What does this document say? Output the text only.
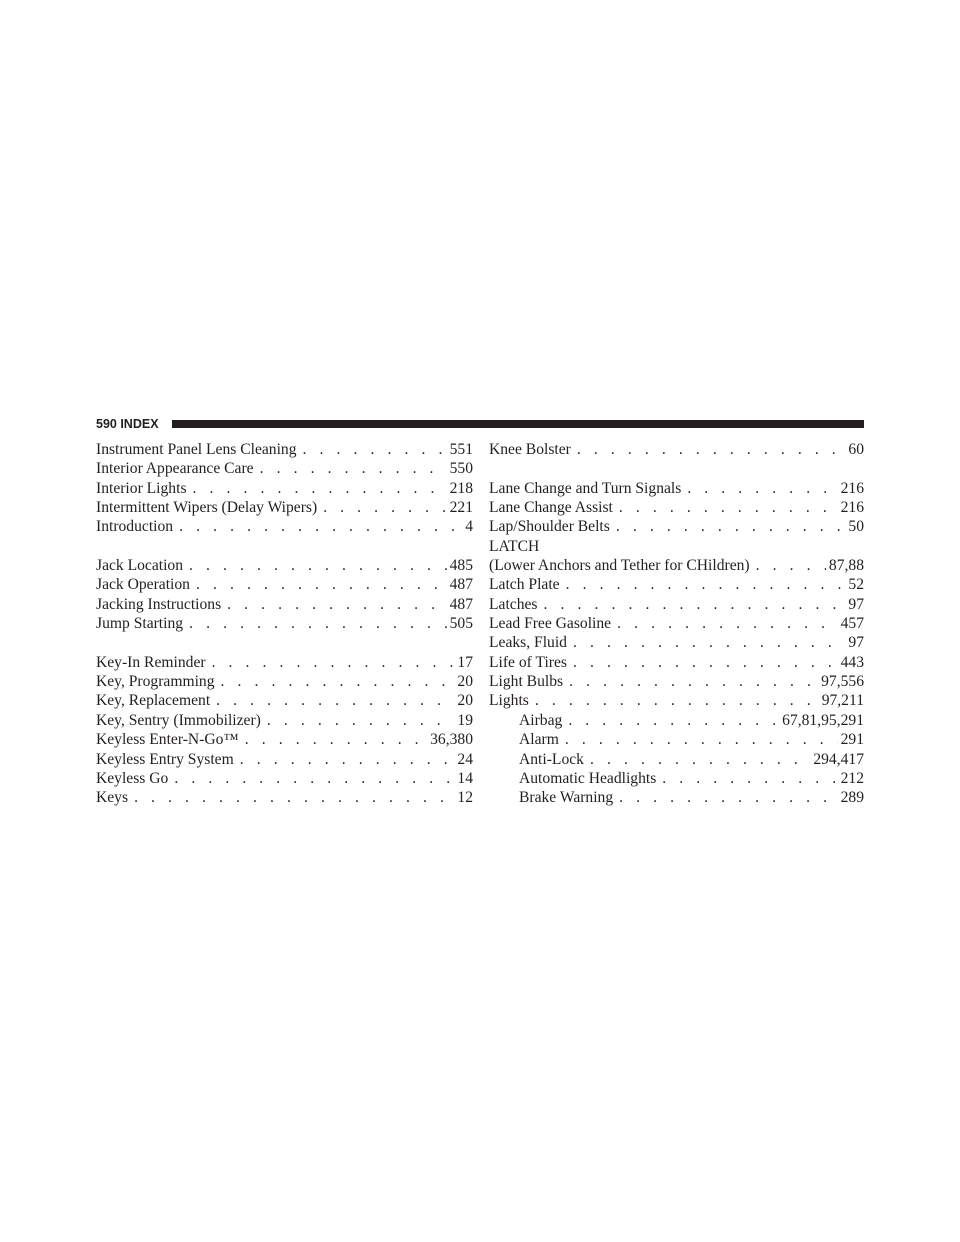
590 INDEX
Instrument Panel Lens Cleaning . . .	551
Interior Appearance Care . . .	550
Interior Lights . . .	218
Intermittent Wipers (Delay Wipers) . . .	221
Introduction . . .	4
Jack Location . . .	485
Jack Operation . . .	487
Jacking Instructions . . .	487
Jump Starting . . .	505
Key-In Reminder . . .	17
Key, Programming . . .	20
Key, Replacement . . .	20
Key, Sentry (Immobilizer) . . .	19
Keyless Enter-N-Go™ . . .	36,380
Keyless Entry System . . .	24
Keyless Go . . .	14
Keys . . .	12
Knee Bolster . . .	60
Lane Change and Turn Signals . . .	216
Lane Change Assist . . .	216
Lap/Shoulder Belts . . .	50
LATCH
(Lower Anchors and Tether for CHildren) . . .	87,88
Latch Plate . . .	52
Latches . . .	97
Lead Free Gasoline . . .	457
Leaks, Fluid . . .	97
Life of Tires . . .	443
Light Bulbs . . .	97,556
Lights . . .	97,211
Airbag . . .	67,81,95,291
Alarm . . .	291
Anti-Lock . . .	294,417
Automatic Headlights . . .	212
Brake Warning . . .	289
